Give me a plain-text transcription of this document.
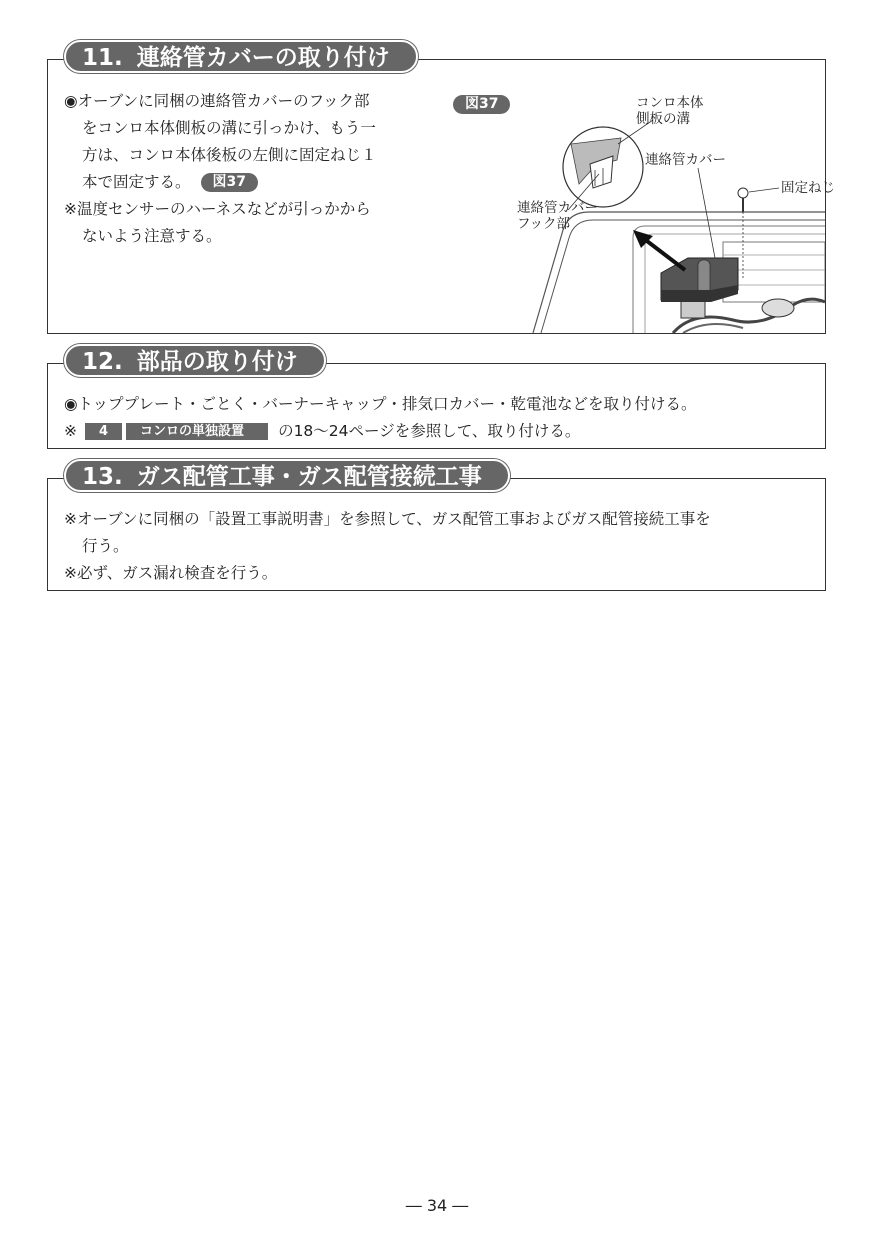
11. 連絡管カバーの取り付け
◉オーブンに同梱の連絡管カバーのフック部

をコンロ本体側板の溝に引っかけ、もう一
方は、コンロ本体後板の左側に固定ねじ１
本で固定する。 図37
※温度センサーのハーネスなどが引っかから

ないよう注意する。
図37	コンロ本体
側板の溝
連絡管カバー
固定ねじ
連絡管カバー
フック部
12. 部品の取り付け
◉トッププレート・ごとく・バーナーキャップ・排気口カバー・乾電池などを取り付ける。
※ 4 コンロの単独設置 の18〜24ページを参照して、取り付ける。
13. ガス配管工事・ガス配管接続工事
※オーブンに同梱の「設置工事説明書」を参照して、ガス配管工事およびガス配管接続工事を

行う。
※必ず、ガス漏れ検査を行う。
― 34 ―
